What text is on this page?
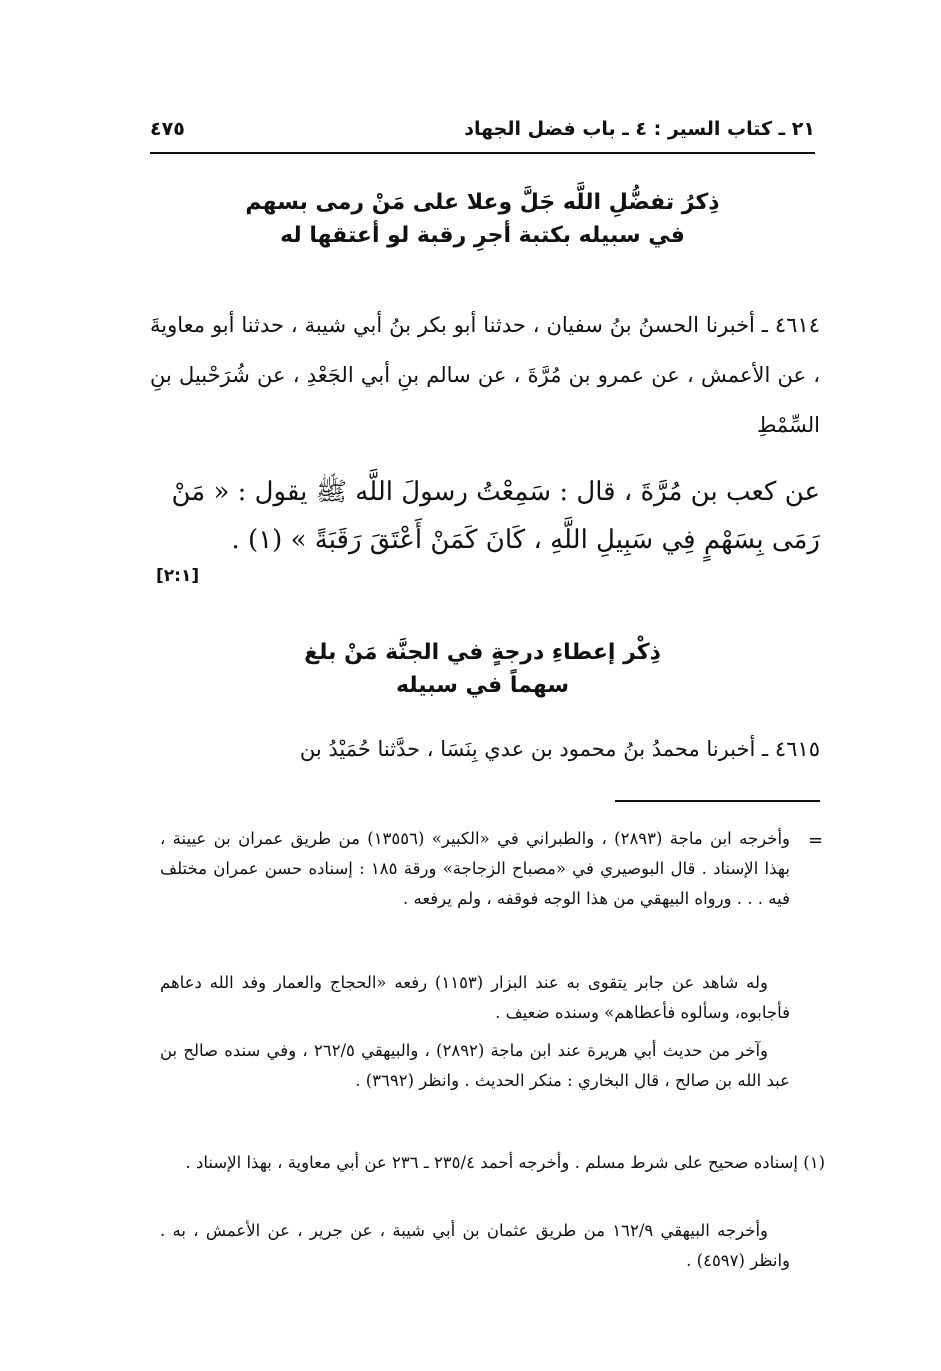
٢١ ـ كتاب السير : ٤ ـ باب فضل الجهاد
٤٧٥
ذِكرُ تفضُّلِ اللَّه جَلَّ وعلا على مَنْ رمى بسهم
في سبيله بكتبة أجرِ رقبة لو أعتقها له
٤٦١٤ ـ أخبرنا الحسنُ بنُ سفيان ، حدثنا أبو بكر بنُ أبي شيبة ، حدثنا أبو معاويةَ ، عن الأعمش ، عن عمرو بن مُرَّةَ ، عن سالم بنِ أبي الجَعْدِ ، عن شُرَحْبيل بنِ السِّمْطِ
عن كعب بن مُرَّةَ ، قال : سَمِعْتُ رسولَ اللَّه ﷺ يقول : « مَنْ رَمَى بِسَهْمٍ فِي سَبِيلِ اللَّهِ ، كَانَ كَمَنْ أَعْتَقَ رَقَبَةً » (١) .
[٢:١]
ذِكْر إعطاءِ درجةٍ في الجنَّة مَنْ بلغ
سهماً في سبيله
٤٦١٥ ـ أخبرنا محمدُ بنُ محمود بن عدي بِنَسَا ، حدَّثنا حُمَيْدُ بن
=
وأخرجه ابن ماجة (٢٨٩٣) ، والطبراني في «الكبير» (١٣٥٥٦) من طريق عمران بن عيينة ، بهذا الإسناد . قال البوصيري في «مصباح الزجاجة» ورقة ١٨٥ : إسناده حسن عمران مختلف فيه . . . ورواه البيهقي من هذا الوجه فوقفه ، ولم يرفعه .
وله شاهد عن جابر يتقوى به عند البزار (١١٥٣) رفعه «الحجاج والعمار وفد الله دعاهم فأجابوه، وسألوه فأعطاهم» وسنده ضعيف .
وآخر من حديث أبي هريرة عند ابن ماجة (٢٨٩٢) ، والبيهقي ٢٦٢/٥ ، وفي سنده صالح بن عبد الله بن صالح ، قال البخاري : منكر الحديث . وانظر (٣٦٩٢) .
(١) إسناده صحيح على شرط مسلم . وأخرجه أحمد ٢٣٥/٤ ـ ٢٣٦ عن أبي معاوية ، بهذا الإسناد .
وأخرجه البيهقي ١٦٢/٩ من طريق عثمان بن أبي شيبة ، عن جرير ، عن الأعمش ، به . وانظر (٤٥٩٧) .
